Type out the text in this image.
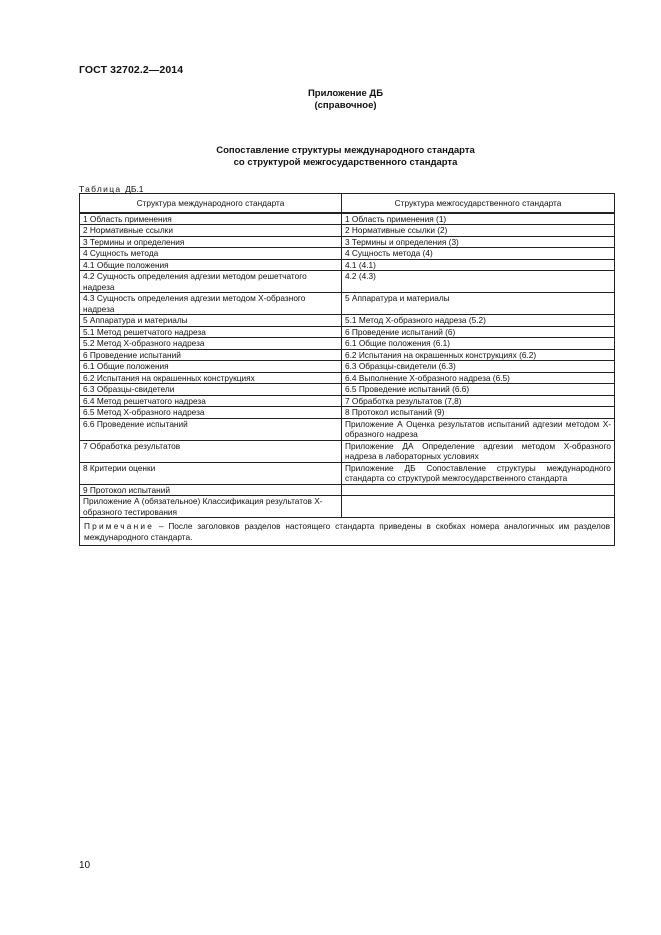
ГОСТ 32702.2—2014
Приложение ДБ
(справочное)
Сопоставление структуры международного стандарта
со структурой межгосударственного стандарта
Таблица ДБ.1
Структура международного стандарта	Структура межгосударственного стандарта
1 Область применения	1 Область применения (1)
2 Нормативные ссылки	2 Нормативные ссылки (2)
3 Термины и определения	3 Термины и определения (3)
4 Сущность метода	4 Сущность метода (4)
4.1 Общие положения	4.1 (4.1)
4.2 Сущность определения адгезии методом решетчатого надреза	4.2 (4.3)
4.3 Сущность определения адгезии методом X-образного надреза	5 Аппаратура и материалы
5 Аппаратура и материалы	5.1 Метод X-образного надреза (5.2)
5.1 Метод решетчатого надреза	6 Проведение испытаний (6)
5.2 Метод X-образного надреза	6.1 Общие положения (6.1)
6 Проведение испытаний	6.2 Испытания на окрашенных конструкциях (6.2)
6.1 Общие положения	6.3 Образцы-свидетели (6.3)
6.2 Испытания на окрашенных конструкциях	6.4 Выполнение X-образного надреза (6.5)
6.3 Образцы-свидетели	6.5 Проведение испытаний (6.6)
6.4 Метод решетчатого надреза	7 Обработка результатов (7,8)
6.5 Метод X-образного надреза	8 Протокол испытаний (9)
6.6 Проведение испытаний	Приложение А Оценка результатов испытаний адгезии методом X-образного надреза
7 Обработка результатов	Приложение ДА Определение адгезии методом X-образного надреза в лабораторных условиях
8 Критерии оценки	Приложение ДБ Сопоставление структуры международного стандарта со структурой межгосударственного стандарта
9 Протокол испытаний	
Приложение А (обязательное) Классификация результатов X-образного тестирования	
Примечание – После заголовков разделов настоящего стандарта приведены в скобках номера аналогичных им разделов международного стандарта.	
10
